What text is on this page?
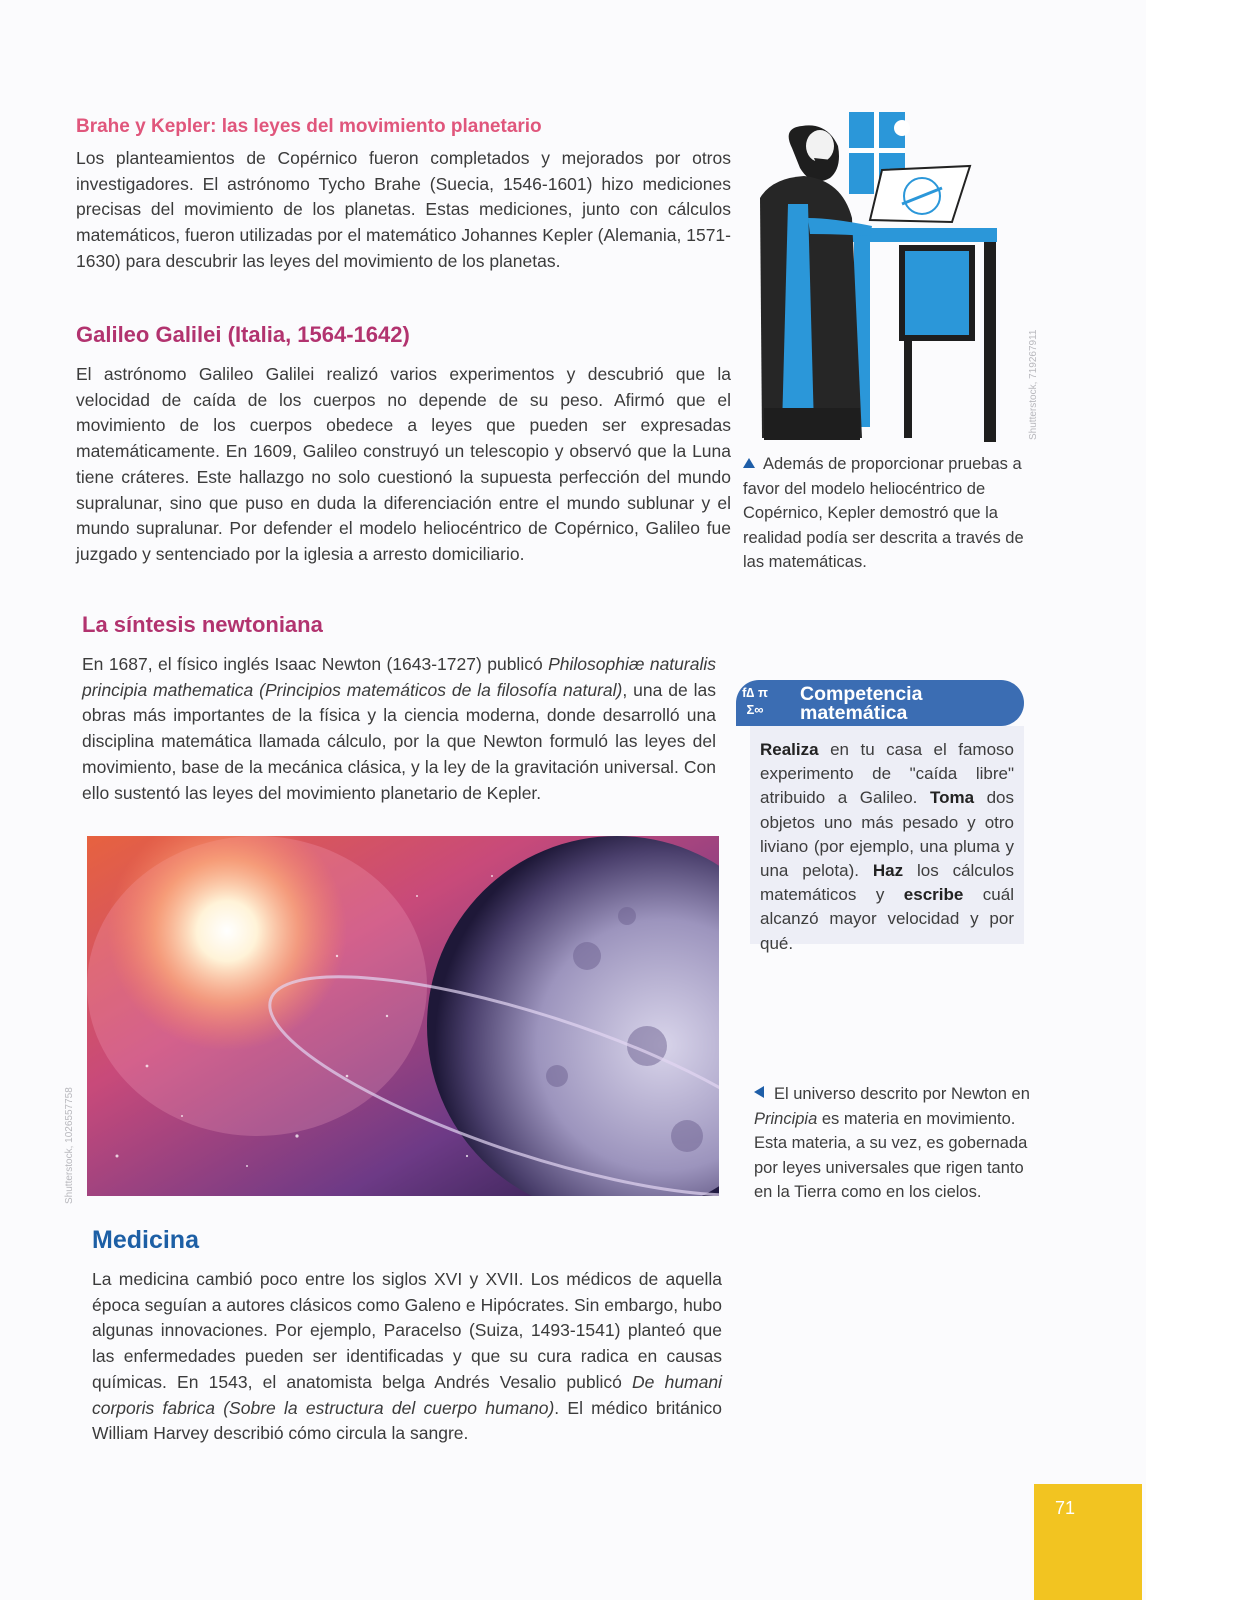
Brahe y Kepler: las leyes del movimiento planetario

Los planteamientos de Copérnico fueron completados y mejorados por otros investigadores. El astrónomo Tycho Brahe (Suecia, 1546-1601) hizo mediciones precisas del movimiento de los planetas. Estas mediciones, junto con cálculos matemáticos, fueron utilizadas por el matemático Johannes Kepler (Alemania, 1571-1630) para descubrir las leyes del movimiento de los planetas.

Galileo Galilei (Italia, 1564-1642)

El astrónomo Galileo Galilei realizó varios experimentos y descubrió que la velocidad de caída de los cuerpos no depende de su peso. Afirmó que el movimiento de los cuerpos obedece a leyes que pueden ser expresadas matemáticamente. En 1609, Galileo construyó un telescopio y observó que la Luna tiene cráteres. Este hallazgo no solo cuestionó la supuesta perfección del mundo supralunar, sino que puso en duda la diferenciación entre el mundo sublunar y el mundo supralunar. Por defender el modelo heliocéntrico de Copérnico, Galileo fue juzgado y sentenciado por la iglesia a arresto domiciliario.

La síntesis newtoniana

En 1687, el físico inglés Isaac Newton (1643-1727) publicó Philosophiæ naturalis principia mathematica (Principios matemáticos de la filosofía natural), una de las obras más importantes de la física y la ciencia moderna, donde desarrolló una disciplina matemática llamada cálculo, por la que Newton formuló las leyes del movimiento, base de la mecánica clásica, y la ley de la gravitación universal. Con ello sustentó las leyes del movimiento planetario de Kepler.

Shutterstock, 1026557758
Medicina

La medicina cambió poco entre los siglos XVI y XVII. Los médicos de aquella época seguían a autores clásicos como Galeno e Hipócrates. Sin embargo, hubo algunas innovaciones. Por ejemplo, Paracelso (Suiza, 1493-1541) planteó que las enfermedades pueden ser identificadas y que su cura radica en causas químicas. En 1543, el anatomista belga Andrés Vesalio publicó De humani corporis fabrica (Sobre la estructura del cuerpo humano). El médico británico William Harvey describió cómo circula la sangre.

Shutterstock, 719267911
Además de proporcionar pruebas a favor del modelo heliocéntrico de Copérnico, Kepler demostró que la realidad podía ser descrita a través de las matemáticas.
f∆ π Σ∞
Competencia
matemática
Realiza en tu casa el famoso experimento de "caída libre" atribuido a Galileo. Toma dos objetos uno más pesado y otro liviano (por ejemplo, una pluma y una pelota). Haz los cálculos matemáticos y escribe cuál alcanzó mayor velocidad y por qué.
El universo descrito por Newton en Principia es materia en movimiento. Esta materia, a su vez, es gobernada por leyes universales que rigen tanto en la Tierra como en los cielos.
71
